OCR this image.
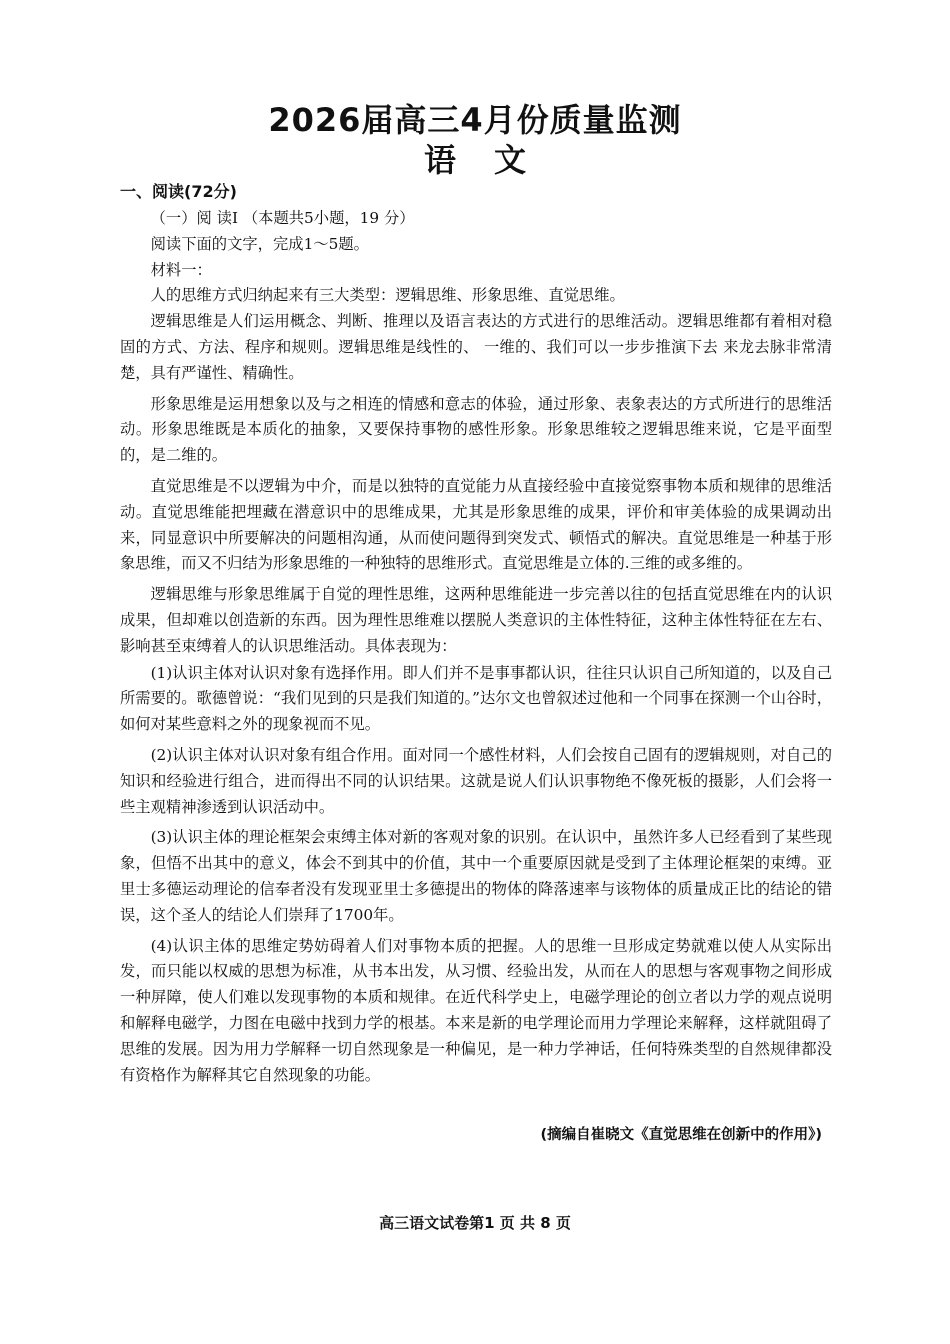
2026届高三4月份质量监测
语 文
一、阅读(72分)

（一）阅 读I （本题共5小题，19 分）

阅读下面的文字，完成1～5题。

材料一：

人的思维方式归纳起来有三大类型：逻辑思维、形象思维、直觉思维。

逻辑思维是人们运用概念、判断、推理以及语言表达的方式进行的思维活动。逻辑思维都有着相对稳固的方式、方法、程序和规则。逻辑思维是线性的、 一维的、我们可以一步步推演下去 来龙去脉非常清楚，具有严谨性、精确性。

形象思维是运用想象以及与之相连的情感和意志的体验，通过形象、表象表达的方式所进行的思维活动。形象思维既是本质化的抽象，又要保持事物的感性形象。形象思维较之逻辑思维来说，它是平面型的，是二维的。

直觉思维是不以逻辑为中介，而是以独特的直觉能力从直接经验中直接觉察事物本质和规律的思维活动。直觉思维能把埋藏在潜意识中的思维成果，尤其是形象思维的成果，评价和审美体验的成果调动出来，同显意识中所要解决的问题相沟通，从而使问题得到突发式、顿悟式的解决。直觉思维是一种基于形象思维，而又不归结为形象思维的一种独特的思维形式。直觉思维是立体的.三维的或多维的。

逻辑思维与形象思维属于自觉的理性思维，这两种思维能进一步完善以往的包括直觉思维在内的认识成果，但却难以创造新的东西。因为理性思维难以摆脱人类意识的主体性特征，这种主体性特征在左右、影响甚至束缚着人的认识思维活动。具体表现为：

(1)认识主体对认识对象有选择作用。即人们并不是事事都认识，往往只认识自己所知道的，以及自己所需要的。歌德曾说：“我们见到的只是我们知道的。”达尔文也曾叙述过他和一个同事在探测一个山谷时，如何对某些意料之外的现象视而不见。

(2)认识主体对认识对象有组合作用。面对同一个感性材料，人们会按自己固有的逻辑规则，对自己的知识和经验进行组合，进而得出不同的认识结果。这就是说人们认识事物绝不像死板的摄影，人们会将一些主观精神渗透到认识活动中。

(3)认识主体的理论框架会束缚主体对新的客观对象的识别。在认识中，虽然许多人已经看到了某些现象，但悟不出其中的意义，体会不到其中的价值，其中一个重要原因就是受到了主体理论框架的束缚。亚里士多德运动理论的信奉者没有发现亚里士多德提出的物体的降落速率与该物体的质量成正比的结论的错误，这个圣人的结论人们崇拜了1700年。

(4)认识主体的思维定势妨碍着人们对事物本质的把握。人的思维一旦形成定势就难以使人从实际出发，而只能以权威的思想为标准，从书本出发，从习惯、经验出发，从而在人的思想与客观事物之间形成一种屏障，使人们难以发现事物的本质和规律。在近代科学史上，电磁学理论的创立者以力学的观点说明和解释电磁学，力图在电磁中找到力学的根基。本来是新的电学理论而用力学理论来解释，这样就阻碍了思维的发展。因为用力学解释一切自然现象是一种偏见，是一种力学神话，任何特殊类型的自然规律都没有资格作为解释其它自然现象的功能。

(摘编自崔晓文《直觉思维在创新中的作用》)
高三语文试卷第1 页 共 8 页
